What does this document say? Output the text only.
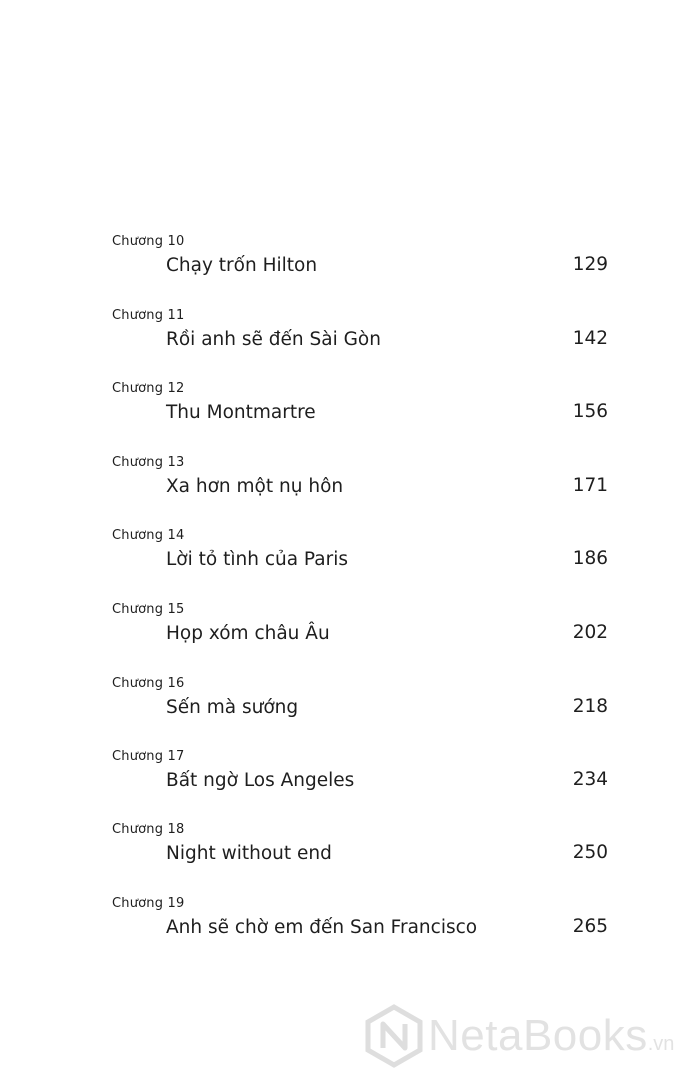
Chương 10
Chạy trốn Hilton	129
Chương 11
Rồi anh sẽ đến Sài Gòn	142
Chương 12
Thu Montmartre	156
Chương 13
Xa hơn một nụ hôn	171
Chương 14
Lời tỏ tình của Paris	186
Chương 15
Họp xóm châu Âu	202
Chương 16
Sến mà sướng	218
Chương 17
Bất ngờ Los Angeles	234
Chương 18
Night without end	250
Chương 19
Anh sẽ chờ em đến San Francisco	265
NetaBooks.vn
